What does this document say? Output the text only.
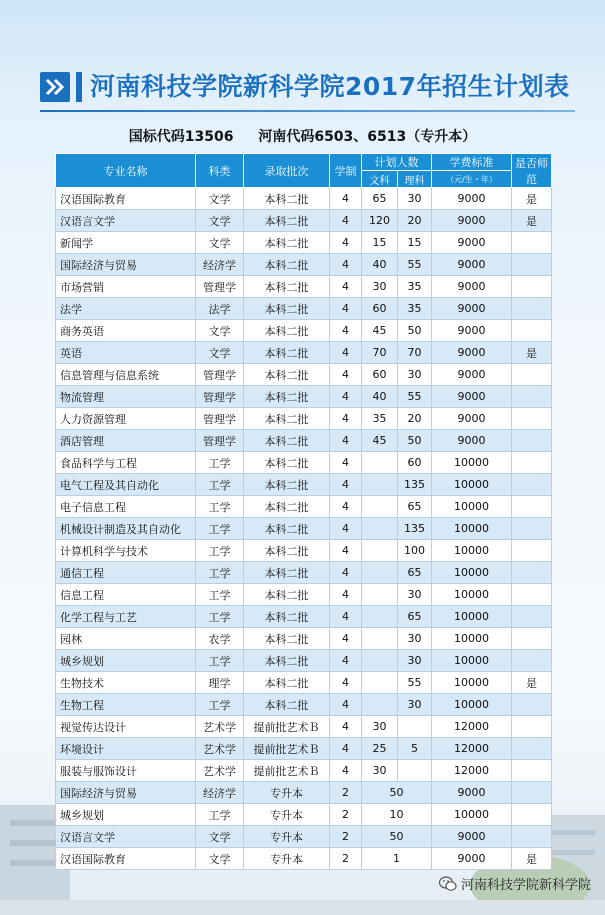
河南科技学院新科学院2017年招生计划表
国标代码13506 河南代码6503、6513（专升本）
专业名称	科类	录取批次	学制	计划人数		学费标准	是否师范
				文科	理科	（元/生・年）	
汉语国际教育	文学	本科二批	4	65	30	9000	是
汉语言文学	文学	本科二批	4	120	20	9000	是
新闻学	文学	本科二批	4	15	15	9000	
国际经济与贸易	经济学	本科二批	4	40	55	9000	
市场营销	管理学	本科二批	4	30	35	9000	
法学	法学	本科二批	4	60	35	9000	
商务英语	文学	本科二批	4	45	50	9000	
英语	文学	本科二批	4	70	70	9000	是
信息管理与信息系统	管理学	本科二批	4	60	30	9000	
物流管理	管理学	本科二批	4	40	55	9000	
人力资源管理	管理学	本科二批	4	35	20	9000	
酒店管理	管理学	本科二批	4	45	50	9000	
食品科学与工程	工学	本科二批	4		60	10000	
电气工程及其自动化	工学	本科二批	4		135	10000	
电子信息工程	工学	本科二批	4		65	10000	
机械设计制造及其自动化	工学	本科二批	4		135	10000	
计算机科学与技术	工学	本科二批	4		100	10000	
通信工程	工学	本科二批	4		65	10000	
信息工程	工学	本科二批	4		30	10000	
化学工程与工艺	工学	本科二批	4		65	10000	
园林	农学	本科二批	4		30	10000	
城乡规划	工学	本科二批	4		30	10000	
生物技术	理学	本科二批	4		55	10000	是
生物工程	工学	本科二批	4		30	10000	
视觉传达设计	艺术学	提前批艺术Ｂ	4	30		12000	
环境设计	艺术学	提前批艺术Ｂ	4	25	5	12000	
服装与服饰设计	艺术学	提前批艺术Ｂ	4	30		12000	
国际经济与贸易	经济学	专升本	2	50		9000	
城乡规划	工学	专升本	2	10		10000	
汉语言文学	文学	专升本	2	50		9000	
汉语国际教育	文学	专升本	2	1		9000	是
河南科技学院新科学院
